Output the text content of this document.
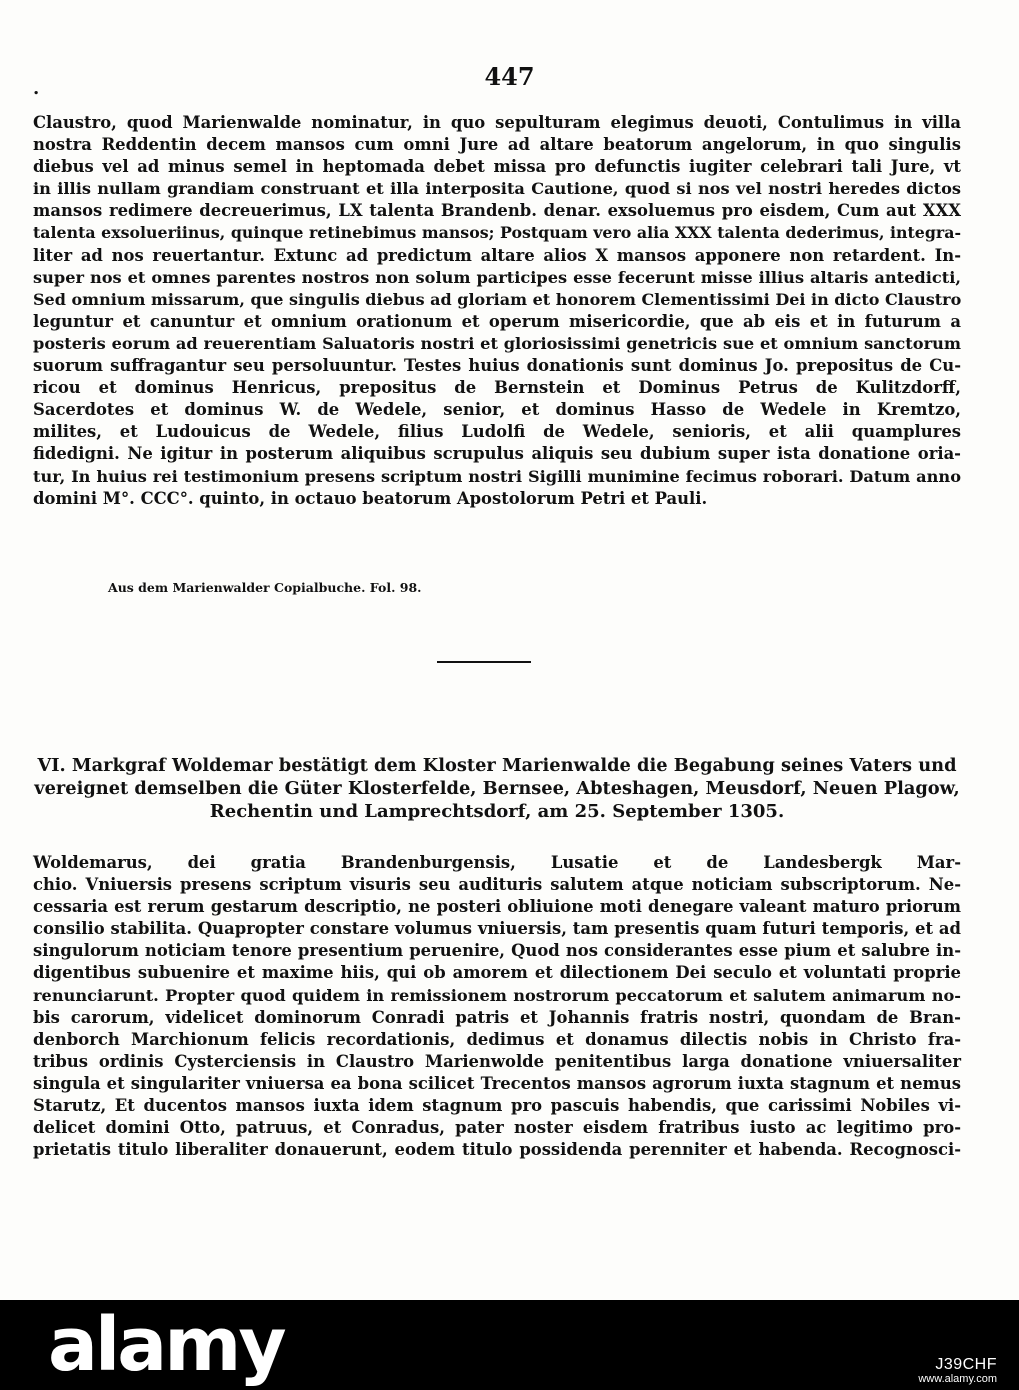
447
.
Claustro, quod Marienwalde nominatur, in quo sepulturam elegimus deuoti, Contulimus in villa
nostra Reddentin decem mansos cum omni Jure ad altare beatorum angelorum, in quo singulis
diebus vel ad minus semel in heptomada debet missa pro defunctis iugiter celebrari tali Jure, vt
in illis nullam grandiam construant et illa interposita Cautione, quod si nos vel nostri heredes dictos
mansos redimere decreuerimus, LX talenta Brandenb. denar. exsoluemus pro eisdem, Cum aut XXX
talenta exsolueriinus, quinque retinebimus mansos; Postquam vero alia XXX talenta dederimus, integra-
liter ad nos reuertantur. Extunc ad predictum altare alios X mansos apponere non retardent. In-
super nos et omnes parentes nostros non solum participes esse fecerunt misse illius altaris antedicti,
Sed omnium missarum, que singulis diebus ad gloriam et honorem Clementissimi Dei in dicto Claustro
leguntur et canuntur et omnium orationum et operum misericordie, que ab eis et in futurum a
posteris eorum ad reuerentiam Saluatoris nostri et gloriosissimi genetricis sue et omnium sanctorum
suorum suffragantur seu persoluuntur. Testes huius donationis sunt dominus Jo. prepositus de Cu-
ricou et dominus Henricus, prepositus de Bernstein et Dominus Petrus de Kulitzdorff,
Sacerdotes et dominus W. de Wedele, senior, et dominus Hasso de Wedele in Kremtzo,
milites, et Ludouicus de Wedele, filius Ludolfi de Wedele, senioris, et alii quamplures
fidedigni. Ne igitur in posterum aliquibus scrupulus aliquis seu dubium super ista donatione oria-
tur, In huius rei testimonium presens scriptum nostri Sigilli munimine fecimus roborari. Datum anno
domini M°. CCC°. quinto, in octauo beatorum Apostolorum Petri et Pauli.
Aus dem Marienwalder Copialbuche. Fol. 98.
VI. Markgraf Woldemar bestätigt dem Kloster Marienwalde die Begabung seines Vaters und
vereignet demselben die Güter Klosterfelde, Bernsee, Abteshagen, Meusdorf, Neuen Plagow,
Rechentin und Lamprechtsdorf, am 25. September 1305.
Woldemarus, dei gratia Brandenburgensis, Lusatie et de Landesbergk Mar-
chio. Vniuersis presens scriptum visuris seu audituris salutem atque noticiam subscriptorum. Ne-
cessaria est rerum gestarum descriptio, ne posteri obliuione moti denegare valeant maturo priorum
consilio stabilita. Quapropter constare volumus vniuersis, tam presentis quam futuri temporis, et ad
singulorum noticiam tenore presentium peruenire, Quod nos considerantes esse pium et salubre in-
digentibus subuenire et maxime hiis, qui ob amorem et dilectionem Dei seculo et voluntati proprie
renunciarunt. Propter quod quidem in remissionem nostrorum peccatorum et salutem animarum no-
bis carorum, videlicet dominorum Conradi patris et Johannis fratris nostri, quondam de Bran-
denborch Marchionum felicis recordationis, dedimus et donamus dilectis nobis in Christo fra-
tribus ordinis Cysterciensis in Claustro Marienwolde penitentibus larga donatione vniuersaliter
singula et singulariter vniuersa ea bona scilicet Trecentos mansos agrorum iuxta stagnum et nemus
Starutz, Et ducentos mansos iuxta idem stagnum pro pascuis habendis, que carissimi Nobiles vi-
delicet domini Otto, patruus, et Conradus, pater noster eisdem fratribus iusto ac legitimo pro-
prietatis titulo liberaliter donauerunt, eodem titulo possidenda perenniter et habenda. Recognosci-
alamy	J39CHF
www.alamy.com
